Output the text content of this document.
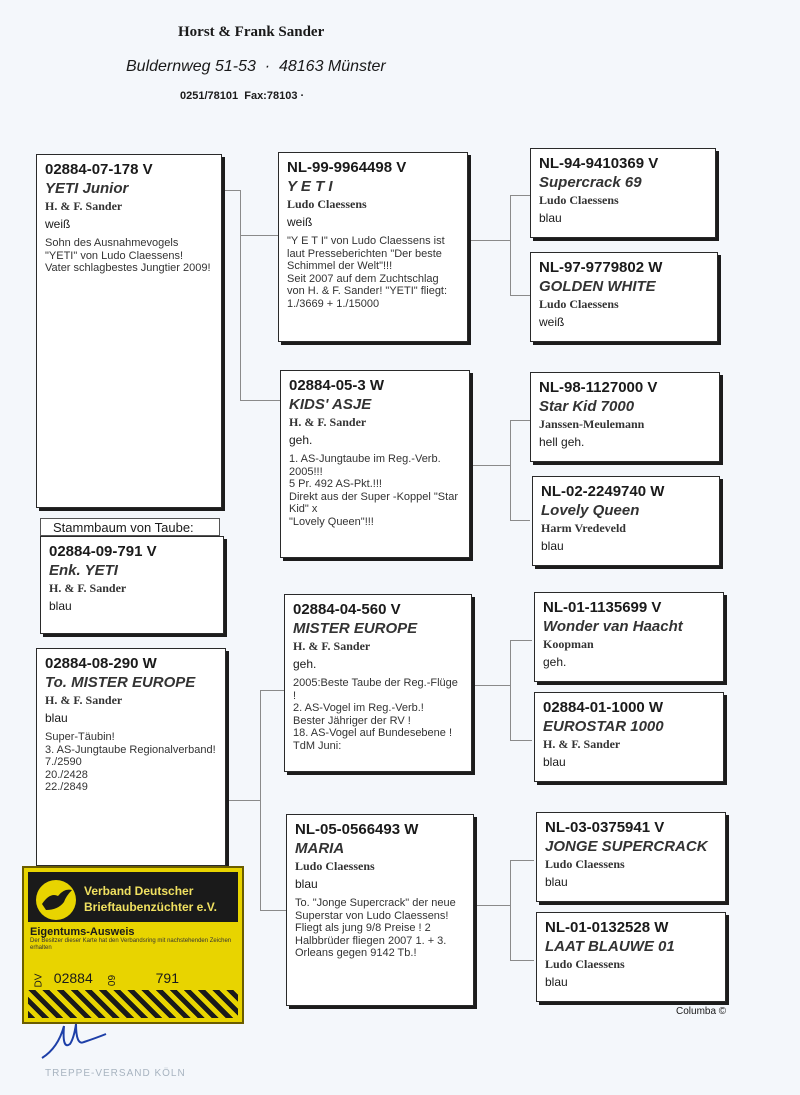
Horst & Frank Sander
Buldernweg 51-53  ·  48163 Münster
0251/78101  Fax:78103 ·
02884-07-178 V
YETI Junior
H. & F. Sander
weiß
Sohn des Ausnahmevogels "YETI" von Ludo Claessens!
Vater schlagbestes Jungtier 2009!
Stammbaum von Taube:
02884-09-791 V
Enk. YETI
H. & F. Sander
blau
02884-08-290 W
To. MISTER EUROPE
H. & F. Sander
blau
Super-Täubin!
3. AS-Jungtaube Regionalverband!
7./2590
20./2428
22./2849
NL-99-9964498 V
Y E T I
Ludo Claessens
weiß
"Y E T I" von Ludo Claessens ist laut Presseberichten "Der beste Schimmel der Welt"!!!
Seit 2007 auf dem Zuchtschlag von H. & F. Sander! "YETI" fliegt: 1./3669 + 1./15000
02884-05-3 W
KIDS' ASJE
H. & F. Sander
geh.
1. AS-Jungtaube im Reg.-Verb. 2005!!!
5 Pr. 492 AS-Pkt.!!!
Direkt aus der Super -Koppel "Star Kid" x
"Lovely Queen"!!!
02884-04-560 V
MISTER EUROPE
H. & F. Sander
geh.
2005:Beste Taube der Reg.-Flüge !
2. AS-Vogel im Reg.-Verb.!
Bester Jähriger der RV !
18. AS-Vogel auf Bundesebene !
TdM Juni:
NL-05-0566493 W
MARIA
Ludo Claessens
blau
To. "Jonge Supercrack" der neue Superstar von Ludo Claessens! Fliegt als jung 9/8 Preise ! 2 Halbbrüder fliegen 2007 1. + 3. Orleans gegen 9142 Tb.!
NL-94-9410369 V
Supercrack 69
Ludo Claessens
blau
NL-97-9779802 W
GOLDEN WHITE
Ludo Claessens
weiß
NL-98-1127000 V
Star Kid 7000
Janssen-Meulemann
hell geh.
NL-02-2249740 W
Lovely Queen
Harm Vredeveld
blau
NL-01-1135699 V
Wonder van Haacht
Koopman
geh.
02884-01-1000 W
EUROSTAR 1000
H. & F. Sander
blau
NL-03-0375941 V
JONGE SUPERCRACK
Ludo Claessens
blau
NL-01-0132528 W
LAAT BLAUWE 01
Ludo Claessens
blau
Verband Deutscher
Brieftaubenzüchter e.V.
Eigentums-Ausweis
Der Besitzer dieser Karte hat den Verbandsring mit nachstehenden Zeichen erhalten
DV 02884 09	791
TREPPE-VERSAND KÖLN
Columba ©
